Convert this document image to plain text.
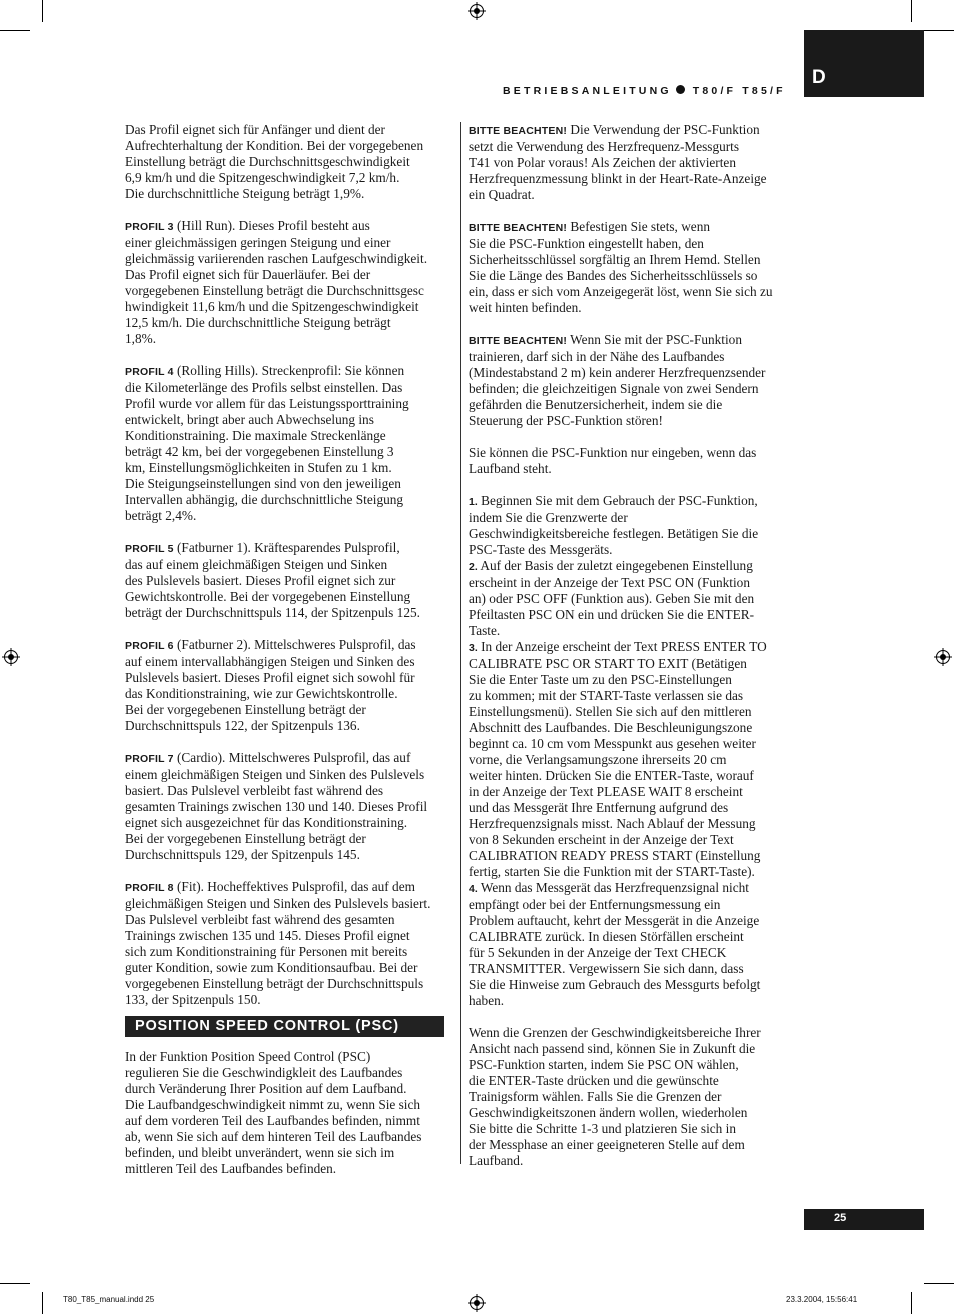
BETRIEBSANLEITUNG T80/F T85/F
D

Das Profil eignet sich für Anfänger und dient der
Aufrechterhaltung der Kondition. Bei der vorgegebenen
Einstellung beträgt die Durchschnittsgeschwindigkeit
6,9 km/h und die Spitzengeschwindigkeit 7,2 km/h.
Die durchschnittliche Steigung beträgt 1,9%.

PROFIL 3 (Hill Run). Dieses Profil besteht aus
einer gleichmässigen geringen Steigung und einer
gleichmässig variierenden raschen Laufgeschwindigkeit.
Das Profil eignet sich für Dauerläufer. Bei der
vorgegebenen Einstellung beträgt die Durchschnittsgesc
hwindigkeit 11,6 km/h und die Spitzengeschwindigkeit
12,5 km/h. Die durchschnittliche Steigung beträgt
1,8%.

PROFIL 4 (Rolling Hills). Streckenprofil: Sie können
die Kilometerlänge des Profils selbst einstellen. Das
Profil wurde vor allem für das Leistungssporttraining
entwickelt, bringt aber auch Abwechselung ins
Konditionstraining. Die maximale Streckenlänge
beträgt 42 km, bei der vorgegebenen Einstellung 3
km, Einstellungsmöglichkeiten in Stufen zu 1 km.
Die Steigungseinstellungen sind von den jeweiligen
Intervallen abhängig, die durchschnittliche Steigung
beträgt 2,4%.

PROFIL 5 (Fatburner 1). Kräftesparendes Pulsprofil,
das auf einem gleichmäßigen Steigen und Sinken
des Pulslevels basiert. Dieses Profil eignet sich zur
Gewichtskontrolle. Bei der vorgegebenen Einstellung
beträgt der Durchschnittspuls 114, der Spitzenpuls 125.

PROFIL 6 (Fatburner 2). Mittelschweres Pulsprofil, das
auf einem intervallabhängigen Steigen und Sinken des
Pulslevels basiert. Dieses Profil eignet sich sowohl für
das Konditionstraining, wie zur Gewichtskontrolle.
Bei der vorgegebenen Einstellung beträgt der
Durchschnittspuls 122, der Spitzenpuls 136.

PROFIL 7 (Cardio). Mittelschweres Pulsprofil, das auf
einem gleichmäßigen Steigen und Sinken des Pulslevels
basiert. Das Pulslevel verbleibt fast während des
gesamten Trainings zwischen 130 und 140. Dieses Profil
eignet sich ausgezeichnet für das Konditionstraining.
Bei der vorgegebenen Einstellung beträgt der
Durchschnittspuls 129, der Spitzenpuls 145.

PROFIL 8 (Fit). Hocheffektives Pulsprofil, das auf dem
gleichmäßigen Steigen und Sinken des Pulslevels basiert.
Das Pulslevel verbleibt fast während des gesamten
Trainings zwischen 135 und 145. Dieses Profil eignet
sich zum Konditionstraining für Personen mit bereits
guter Kondition, sowie zum Konditionsaufbau. Bei der
vorgegebenen Einstellung beträgt der Durchschnittspuls
133, der Spitzenpuls 150.

POSITION SPEED CONTROL (PSC)

In der Funktion Position Speed Control (PSC)
regulieren Sie die Geschwindigkleit des Laufbandes
durch Veränderung Ihrer Position auf dem Laufband.
Die Laufbandgeschwindigkeit nimmt zu, wenn Sie sich
auf dem vorderen Teil des Laufbandes befinden, nimmt
ab, wenn Sie sich auf dem hinteren Teil des Laufbandes
befinden, und bleibt unverändert, wenn sie sich im
mittleren Teil des Laufbandes befinden.

BITTE BEACHTEN! Die Verwendung der PSC-Funktion
setzt die Verwendung des Herzfrequenz-Messgurts
T41 von Polar voraus! Als Zeichen der aktivierten
Herzfrequenzmessung blinkt in der Heart-Rate-Anzeige
ein Quadrat.

BITTE BEACHTEN! Befestigen Sie stets, wenn
Sie die PSC-Funktion eingestellt haben, den
Sicherheitsschlüssel sorgfältig an Ihrem Hemd. Stellen
Sie die Länge des Bandes des Sicherheitsschlüssels so
ein, dass er sich vom Anzeigegerät löst, wenn Sie sich zu
weit hinten befinden.

BITTE BEACHTEN! Wenn Sie mit der PSC-Funktion
trainieren, darf sich in der Nähe des Laufbandes
(Mindestabstand 2 m) kein anderer Herzfrequenzsender
befinden; die gleichzeitigen Signale von zwei Sendern
gefährden die Benutzersicherheit, indem sie die
Steuerung der PSC-Funktion stören!

Sie können die PSC-Funktion nur eingeben, wenn das
Laufband steht.

1. Beginnen Sie mit dem Gebrauch der PSC-Funktion,
indem Sie die Grenzwerte der
Geschwindigkeitsbereiche festlegen. Betätigen Sie die
PSC-Taste des Messgeräts.

2. Auf der Basis der zuletzt eingegebenen Einstellung
erscheint in der Anzeige der Text PSC ON (Funktion
an) oder PSC OFF (Funktion aus). Geben Sie mit den
Pfeiltasten PSC ON ein und drücken Sie die ENTER-
Taste.

3. In der Anzeige erscheint der Text PRESS ENTER TO
CALIBRATE PSC OR START TO EXIT (Betätigen
Sie die Enter Taste um zu den PSC-Einstellungen
zu kommen; mit der START-Taste verlassen sie das
Einstellungsmenü). Stellen Sie sich auf den mittleren
Abschnitt des Laufbandes. Die Beschleunigungszone
beginnt ca. 10 cm vom Messpunkt aus gesehen weiter
vorne, die Verlangsamungszone ihrerseits 20 cm
weiter hinten. Drücken Sie die ENTER-Taste, worauf
in der Anzeige der Text PLEASE WAIT 8 erscheint
und das Messgerät Ihre Entfernung aufgrund des
Herzfrequenzsignals misst. Nach Ablauf der Messung
von 8 Sekunden erscheint in der Anzeige der Text
CALIBRATION READY PRESS START (Einstellung
fertig, starten Sie die Funktion mit der START-Taste).

4. Wenn das Messgerät das Herzfrequenzsignal nicht
empfängt oder bei der Entfernungsmessung ein
Problem auftaucht, kehrt der Messgerät in die Anzeige
CALIBRATE zurück. In diesen Störfällen erscheint
für 5 Sekunden in der Anzeige der Text CHECK
TRANSMITTER. Vergewissern Sie sich dann, dass
Sie die Hinweise zum Gebrauch des Messgurts befolgt
haben.

Wenn die Grenzen der Geschwindigkeitsbereiche Ihrer
Ansicht nach passend sind, können Sie in Zukunft die
PSC-Funktion starten, indem Sie PSC ON wählen,
die ENTER-Taste drücken und die gewünschte
Trainigsform wählen. Falls Sie die Grenzen der
Geschwindigkeitszonen ändern wollen, wiederholen
Sie bitte die Schritte 1-3 und platzieren Sie sich in
der Messphase an einer geeigneteren Stelle auf dem
Laufband.

25
T80_T85_manual.indd 25	23.3.2004, 15:56:41
